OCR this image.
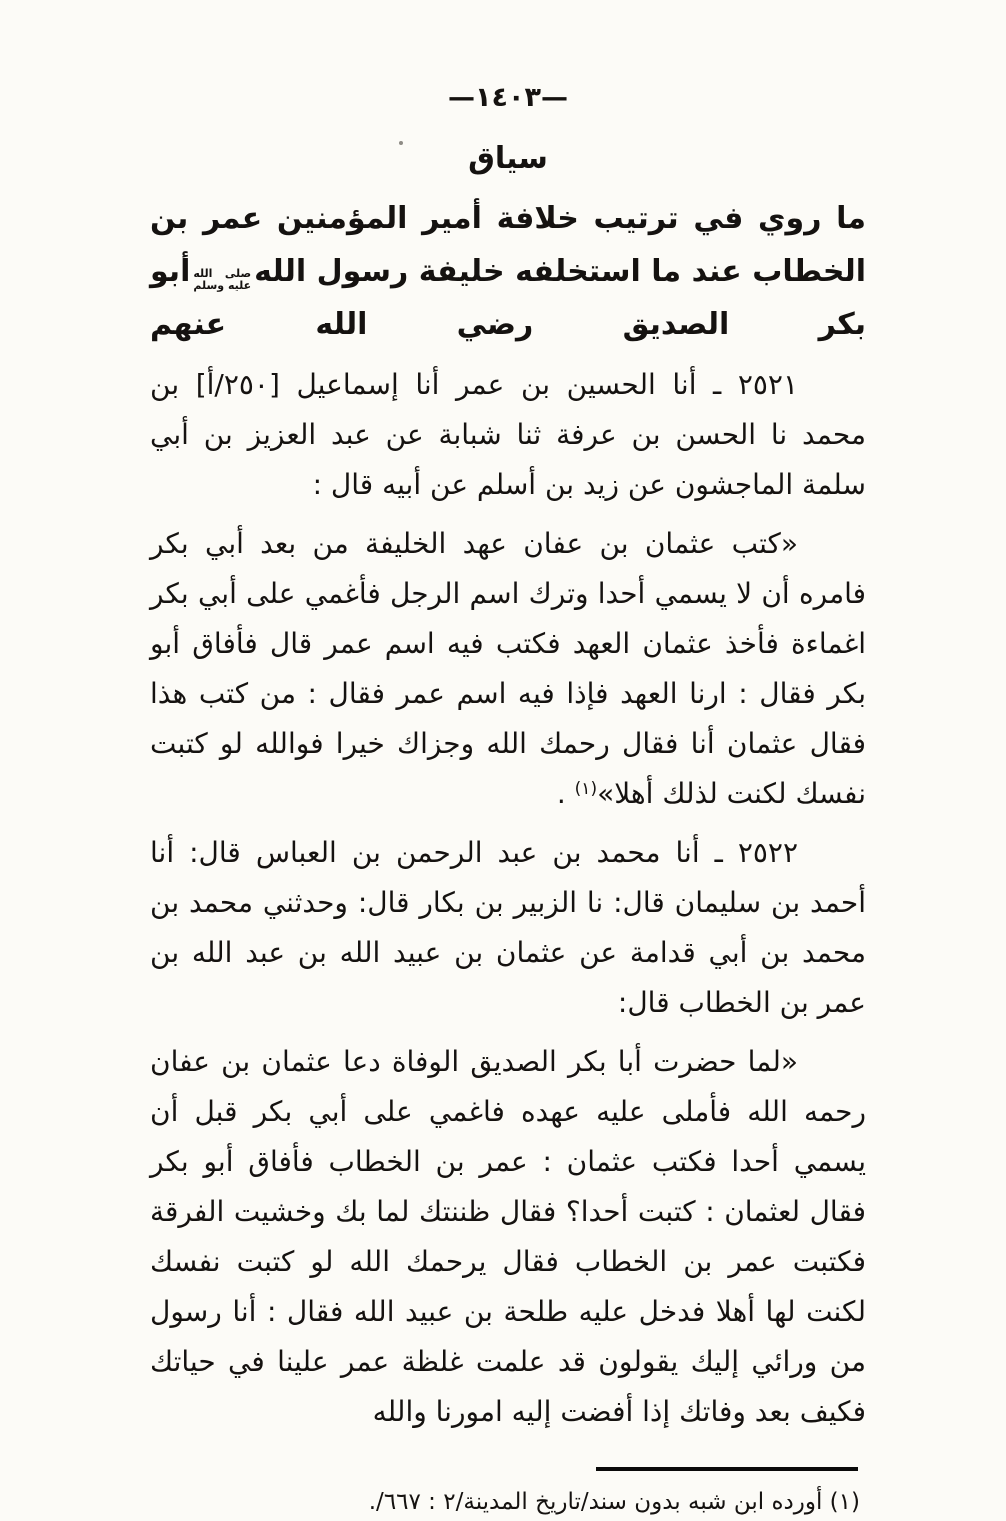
—١٤٠٣—
سياق
ما روي في ترتيب خلافة أمير المؤمنين عمر بن الخطاب عند ما استخلفه خليفة رسول الله
صلى الله
عليه وسلم
أبو بكر الصديق رضي الله عنهم

٢٥٢١ ـ أنا الحسين بن عمر أنا إسماعيل [٢٥٠/أ] بن محمد نا الحسن بن عرفة ثنا شبابة عن عبد العزيز بن أبي سلمة الماجشون عن زيد بن أسلم عن أبيه قال :

«كتب عثمان بن عفان عهد الخليفة من بعد أبي بكر فامره أن لا يسمي أحدا وترك اسم الرجل فأغمي على أبي بكر اغماءة فأخذ عثمان العهد فكتب فيه اسم عمر قال فأفاق أبو بكر فقال : ارنا العهد فإذا فيه اسم عمر فقال : من كتب هذا فقال عثمان أنا فقال رحمك الله وجزاك خيرا فوالله لو كتبت نفسك لكنت لذلك أهلا»$^{(١)}$ .

٢٥٢٢ ـ أنا محمد بن عبد الرحمن بن العباس قال: أنا أحمد بن سليمان قال: نا الزبير بن بكار قال: وحدثني محمد بن محمد بن أبي قدامة عن عثمان بن عبيد الله بن عبد الله بن عمر بن الخطاب قال:

«لما حضرت أبا بكر الصديق الوفاة دعا عثمان بن عفان رحمه الله فأملى عليه عهده فاغمي على أبي بكر قبل أن يسمي أحدا فكتب عثمان : عمر بن الخطاب فأفاق أبو بكر فقال لعثمان : كتبت أحدا؟ فقال ظننتك لما بك وخشيت الفرقة فكتبت عمر بن الخطاب فقال يرحمك الله لو كتبت نفسك لكنت لها أهلا فدخل عليه طلحة بن عبيد الله فقال : أنا رسول من ورائي إليك يقولون قد علمت غلظة عمر علينا في حياتك فكيف بعد وفاتك إذا أفضت إليه امورنا والله

(١) أورده ابن شبه بدون سند/تاريخ المدينة/٢ : ٦٦٧/.
